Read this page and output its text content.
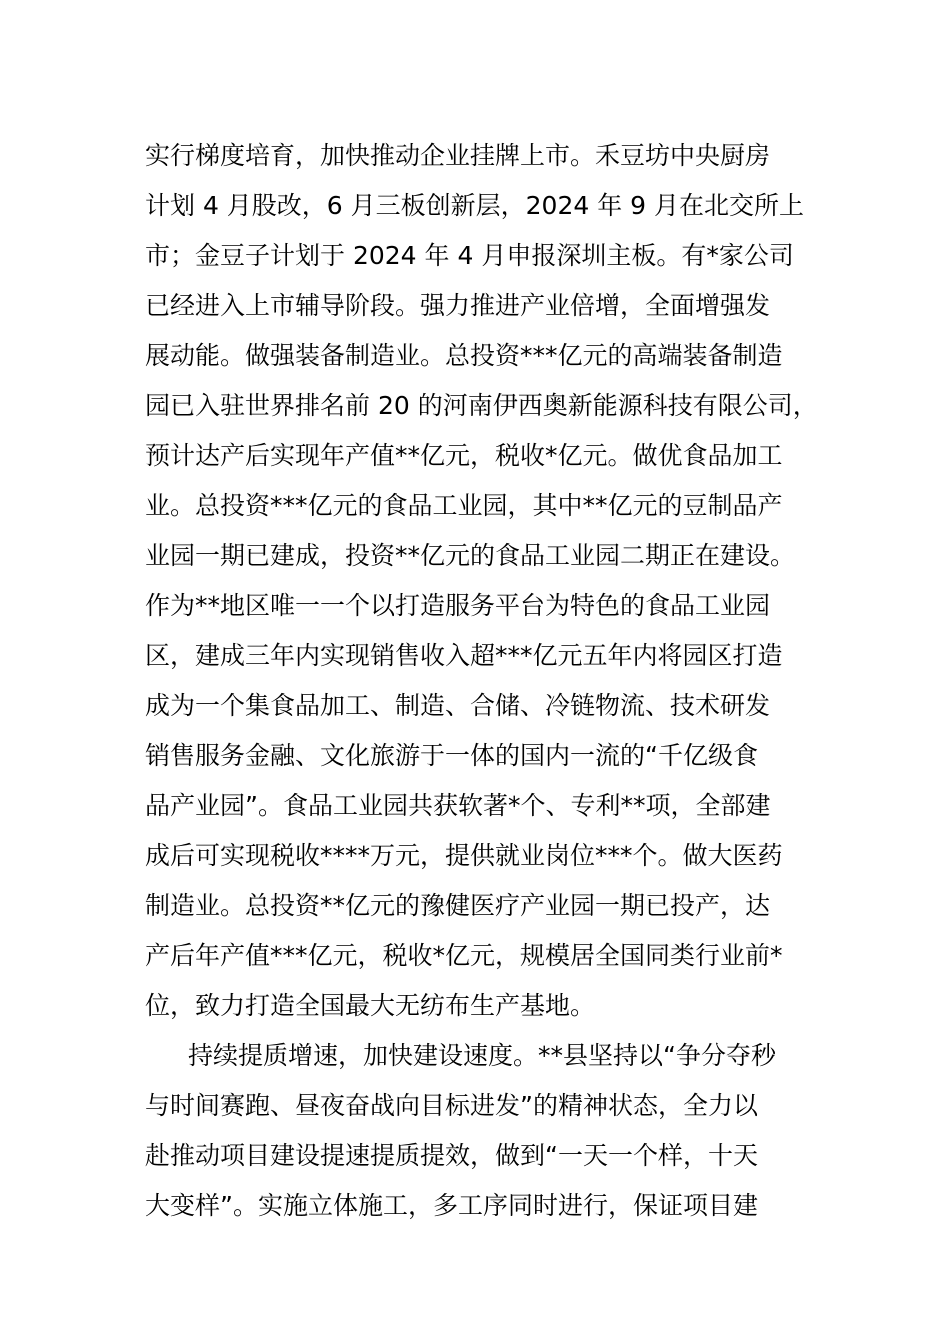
实行梯度培育，加快推动企业挂牌上市。禾豆坊中央厨房
计划 4 月股改，6 月三板创新层，2024 年 9 月在北交所上
市；金豆子计划于 2024 年 4 月申报深圳主板。有*家公司
已经进入上市辅导阶段。强力推进产业倍增，全面增强发
展动能。做强装备制造业。总投资***亿元的高端装备制造
园已入驻世界排名前 20 的河南伊西奥新能源科技有限公司，
预计达产后实现年产值**亿元，税收*亿元。做优食品加工
业。总投资***亿元的食品工业园，其中**亿元的豆制品产
业园一期已建成，投资**亿元的食品工业园二期正在建设。
作为**地区唯一一个以打造服务平台为特色的食品工业园
区，建成三年内实现销售收入超***亿元五年内将园区打造
成为一个集食品加工、制造、合储、冷链物流、技术研发
销售服务金融、文化旅游于一体的国内一流的“千亿级食
品产业园”。食品工业园共获软著*个、专利**项，全部建
成后可实现税收****万元，提供就业岗位***个。做大医药
制造业。总投资**亿元的豫健医疗产业园一期已投产，达
产后年产值***亿元，税收*亿元，规模居全国同类行业前*
位，致力打造全国最大无纺布生产基地。
持续提质增速，加快建设速度。**县坚持以“争分夺秒
与时间赛跑、昼夜奋战向目标进发”的精神状态，全力以
赴推动项目建设提速提质提效，做到“一天一个样，十天
大变样”。实施立体施工，多工序同时进行，保证项目建
